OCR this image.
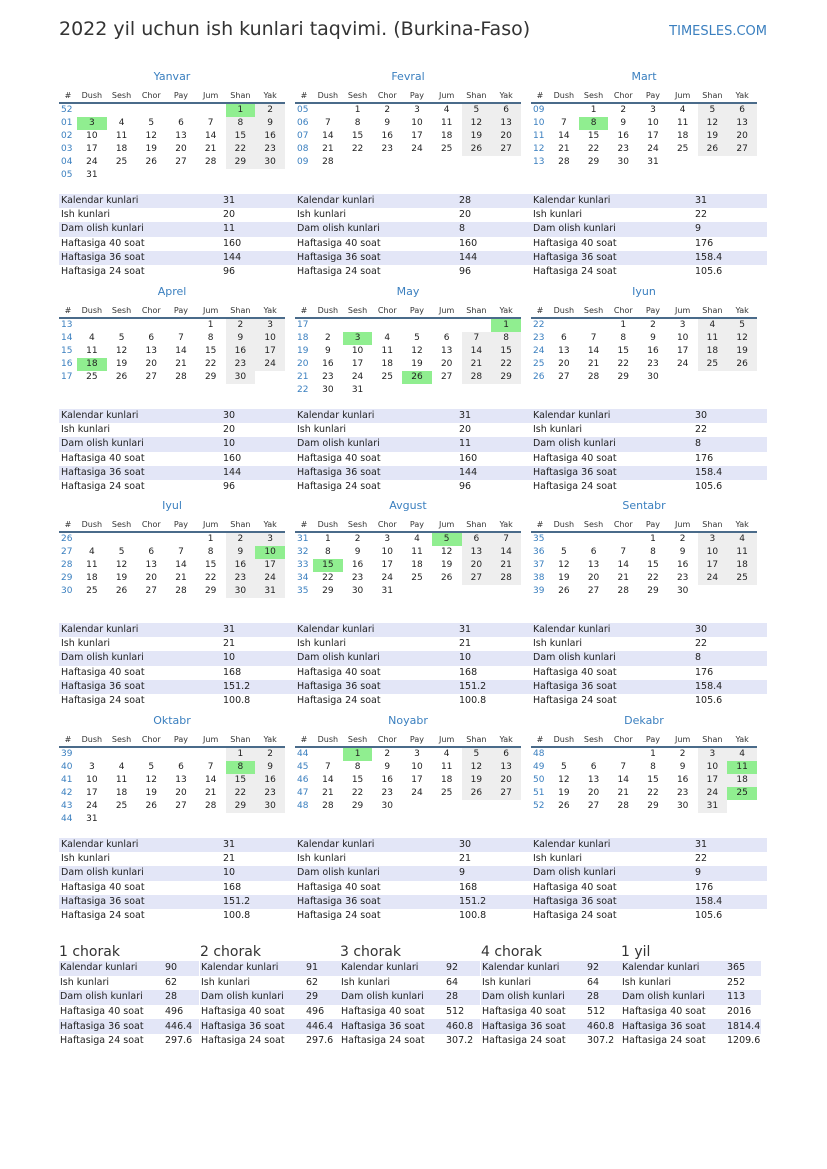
2022 yil uchun ish kunlari taqvimi. (Burkina-Faso)	TIMESLES.COM
Yanvar
#	Dush	Sesh	Chor	Pay	Jum	Shan	Yak
52						1	2
01	3	4	5	6	7	8	9
02	10	11	12	13	14	15	16
03	17	18	19	20	21	22	23
04	24	25	26	27	28	29	30
05	31						
Kalendar kunlari	31
Ish kunlari	20
Dam olish kunlari	11
Haftasiga 40 soat	160
Haftasiga 36 soat	144
Haftasiga 24 soat	96
Fevral
#	Dush	Sesh	Chor	Pay	Jum	Shan	Yak
05		1	2	3	4	5	6
06	7	8	9	10	11	12	13
07	14	15	16	17	18	19	20
08	21	22	23	24	25	26	27
09	28						
Kalendar kunlari	28
Ish kunlari	20
Dam olish kunlari	8
Haftasiga 40 soat	160
Haftasiga 36 soat	144
Haftasiga 24 soat	96
Mart
#	Dush	Sesh	Chor	Pay	Jum	Shan	Yak
09		1	2	3	4	5	6
10	7	8	9	10	11	12	13
11	14	15	16	17	18	19	20
12	21	22	23	24	25	26	27
13	28	29	30	31			
Kalendar kunlari	31
Ish kunlari	22
Dam olish kunlari	9
Haftasiga 40 soat	176
Haftasiga 36 soat	158.4
Haftasiga 24 soat	105.6
Aprel
#	Dush	Sesh	Chor	Pay	Jum	Shan	Yak
13					1	2	3
14	4	5	6	7	8	9	10
15	11	12	13	14	15	16	17
16	18	19	20	21	22	23	24
17	25	26	27	28	29	30	
Kalendar kunlari	30
Ish kunlari	20
Dam olish kunlari	10
Haftasiga 40 soat	160
Haftasiga 36 soat	144
Haftasiga 24 soat	96
May
#	Dush	Sesh	Chor	Pay	Jum	Shan	Yak
17							1
18	2	3	4	5	6	7	8
19	9	10	11	12	13	14	15
20	16	17	18	19	20	21	22
21	23	24	25	26	27	28	29
22	30	31					
Kalendar kunlari	31
Ish kunlari	20
Dam olish kunlari	11
Haftasiga 40 soat	160
Haftasiga 36 soat	144
Haftasiga 24 soat	96
Iyun
#	Dush	Sesh	Chor	Pay	Jum	Shan	Yak
22			1	2	3	4	5
23	6	7	8	9	10	11	12
24	13	14	15	16	17	18	19
25	20	21	22	23	24	25	26
26	27	28	29	30			
Kalendar kunlari	30
Ish kunlari	22
Dam olish kunlari	8
Haftasiga 40 soat	176
Haftasiga 36 soat	158.4
Haftasiga 24 soat	105.6
Iyul
#	Dush	Sesh	Chor	Pay	Jum	Shan	Yak
26					1	2	3
27	4	5	6	7	8	9	10
28	11	12	13	14	15	16	17
29	18	19	20	21	22	23	24
30	25	26	27	28	29	30	31
Kalendar kunlari	31
Ish kunlari	21
Dam olish kunlari	10
Haftasiga 40 soat	168
Haftasiga 36 soat	151.2
Haftasiga 24 soat	100.8
Avgust
#	Dush	Sesh	Chor	Pay	Jum	Shan	Yak
31	1	2	3	4	5	6	7
32	8	9	10	11	12	13	14
33	15	16	17	18	19	20	21
34	22	23	24	25	26	27	28
35	29	30	31				
Kalendar kunlari	31
Ish kunlari	21
Dam olish kunlari	10
Haftasiga 40 soat	168
Haftasiga 36 soat	151.2
Haftasiga 24 soat	100.8
Sentabr
#	Dush	Sesh	Chor	Pay	Jum	Shan	Yak
35				1	2	3	4
36	5	6	7	8	9	10	11
37	12	13	14	15	16	17	18
38	19	20	21	22	23	24	25
39	26	27	28	29	30		
Kalendar kunlari	30
Ish kunlari	22
Dam olish kunlari	8
Haftasiga 40 soat	176
Haftasiga 36 soat	158.4
Haftasiga 24 soat	105.6
Oktabr
#	Dush	Sesh	Chor	Pay	Jum	Shan	Yak
39						1	2
40	3	4	5	6	7	8	9
41	10	11	12	13	14	15	16
42	17	18	19	20	21	22	23
43	24	25	26	27	28	29	30
44	31						
Kalendar kunlari	31
Ish kunlari	21
Dam olish kunlari	10
Haftasiga 40 soat	168
Haftasiga 36 soat	151.2
Haftasiga 24 soat	100.8
Noyabr
#	Dush	Sesh	Chor	Pay	Jum	Shan	Yak
44		1	2	3	4	5	6
45	7	8	9	10	11	12	13
46	14	15	16	17	18	19	20
47	21	22	23	24	25	26	27
48	28	29	30				
Kalendar kunlari	30
Ish kunlari	21
Dam olish kunlari	9
Haftasiga 40 soat	168
Haftasiga 36 soat	151.2
Haftasiga 24 soat	100.8
Dekabr
#	Dush	Sesh	Chor	Pay	Jum	Shan	Yak
48				1	2	3	4
49	5	6	7	8	9	10	11
50	12	13	14	15	16	17	18
51	19	20	21	22	23	24	25
52	26	27	28	29	30	31	
Kalendar kunlari	31
Ish kunlari	22
Dam olish kunlari	9
Haftasiga 40 soat	176
Haftasiga 36 soat	158.4
Haftasiga 24 soat	105.6
1 chorak
Kalendar kunlari	90
Ish kunlari	62
Dam olish kunlari	28
Haftasiga 40 soat	496
Haftasiga 36 soat	446.4
Haftasiga 24 soat	297.6
2 chorak
Kalendar kunlari	91
Ish kunlari	62
Dam olish kunlari	29
Haftasiga 40 soat	496
Haftasiga 36 soat	446.4
Haftasiga 24 soat	297.6
3 chorak
Kalendar kunlari	92
Ish kunlari	64
Dam olish kunlari	28
Haftasiga 40 soat	512
Haftasiga 36 soat	460.8
Haftasiga 24 soat	307.2
4 chorak
Kalendar kunlari	92
Ish kunlari	64
Dam olish kunlari	28
Haftasiga 40 soat	512
Haftasiga 36 soat	460.8
Haftasiga 24 soat	307.2
1 yil
Kalendar kunlari	365
Ish kunlari	252
Dam olish kunlari	113
Haftasiga 40 soat	2016
Haftasiga 36 soat	1814.4
Haftasiga 24 soat	1209.6
